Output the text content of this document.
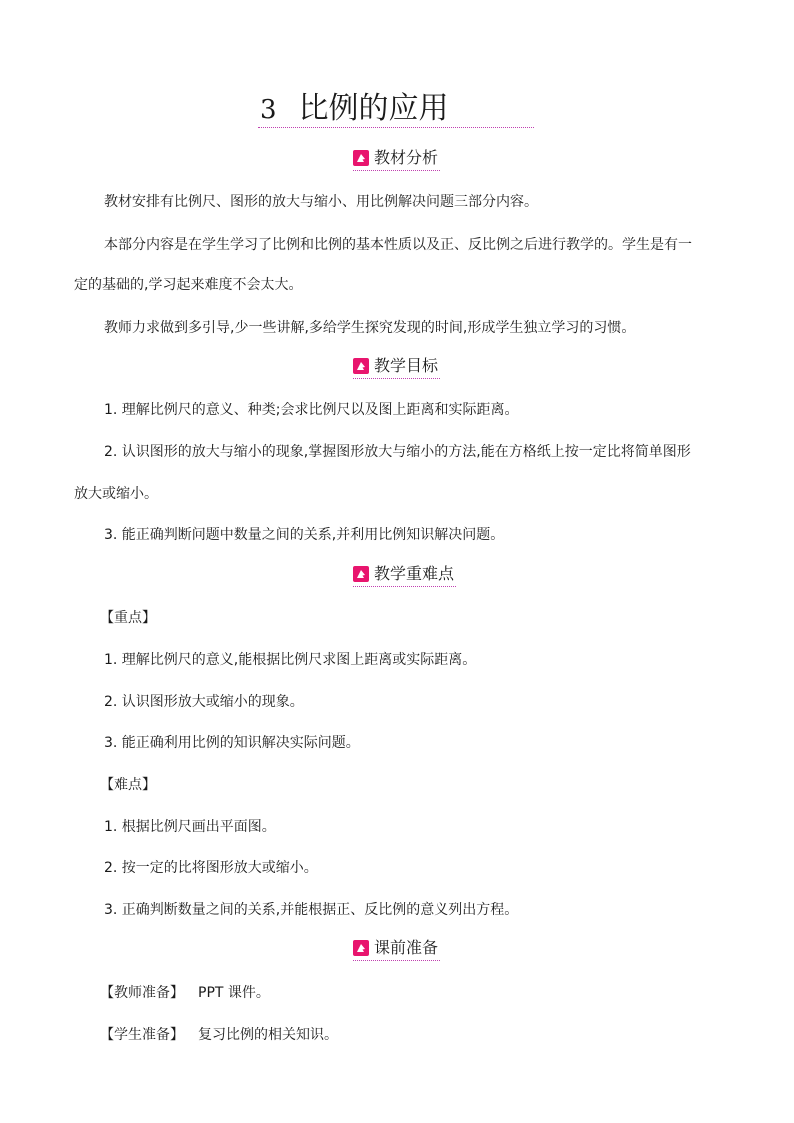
3 比例的应用
教材分析
教材安排有比例尺、图形的放大与缩小、用比例解决问题三部分内容。
本部分内容是在学生学习了比例和比例的基本性质以及正、反比例之后进行教学的。学生是有一
定的基础的,学习起来难度不会太大。
教师力求做到多引导,少一些讲解,多给学生探究发现的时间,形成学生独立学习的习惯。
教学目标
1. 理解比例尺的意义、种类;会求比例尺以及图上距离和实际距离。
2. 认识图形的放大与缩小的现象,掌握图形放大与缩小的方法,能在方格纸上按一定比将简单图形
放大或缩小。
3. 能正确判断问题中数量之间的关系,并利用比例知识解决问题。
教学重难点
【重点】
1. 理解比例尺的意义,能根据比例尺求图上距离或实际距离。
2. 认识图形放大或缩小的现象。
3. 能正确利用比例的知识解决实际问题。
【难点】
1. 根据比例尺画出平面图。
2. 按一定的比将图形放大或缩小。
3. 正确判断数量之间的关系,并能根据正、反比例的意义列出方程。
课前准备
【教师准备】 PPT 课件。
【学生准备】 复习比例的相关知识。
